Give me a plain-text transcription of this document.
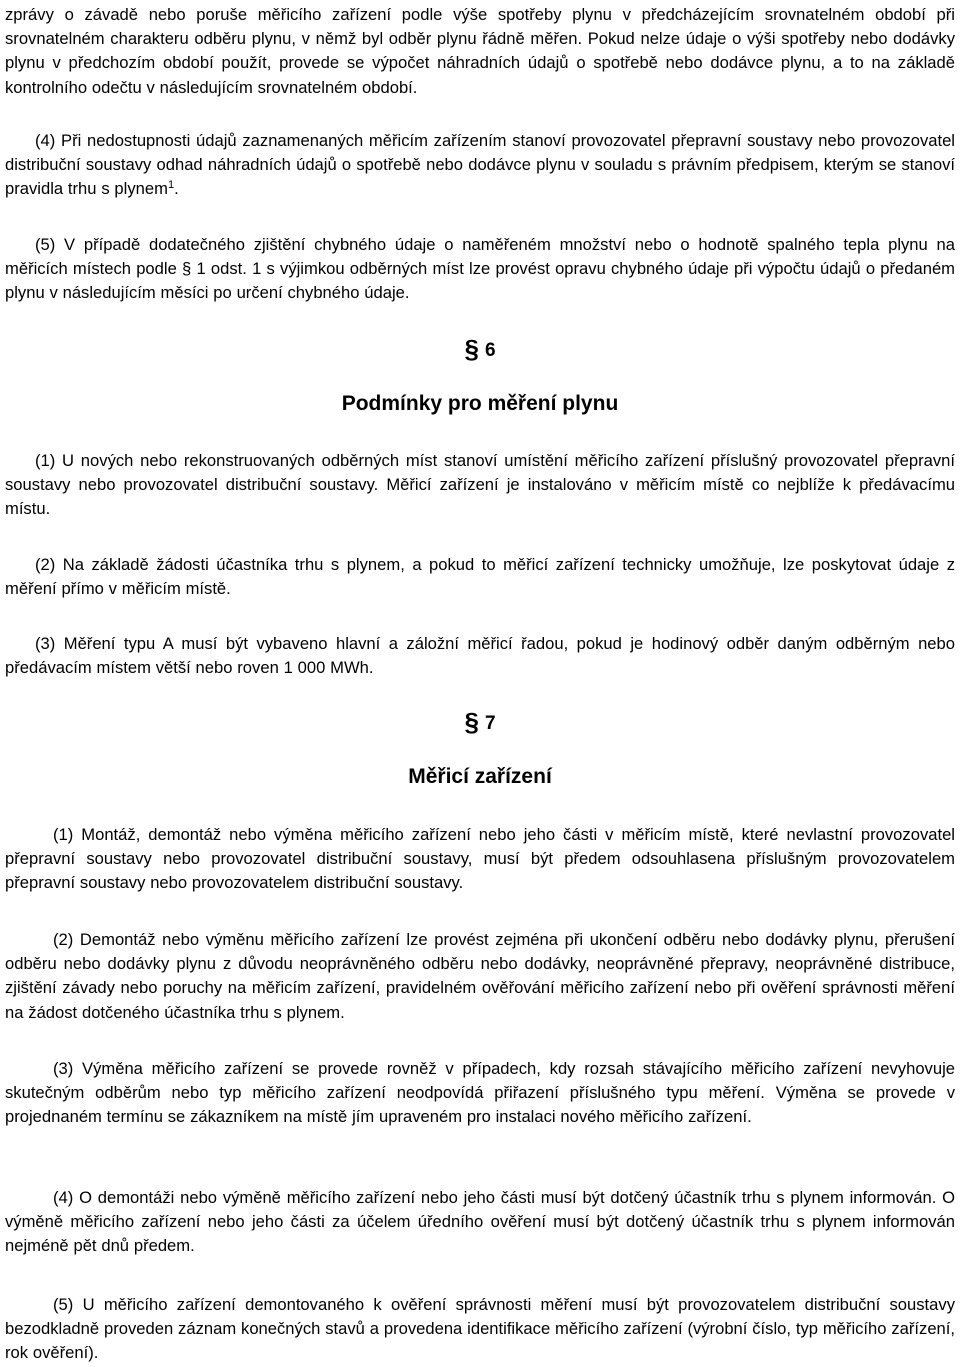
zprávy o závadě nebo poruše měřicího zařízení podle výše spotřeby plynu v předcházejícím srovnatelném období při srovnatelném charakteru odběru plynu, v němž byl odběr plynu řádně měřen. Pokud nelze údaje o výši spotřeby nebo dodávky plynu v předchozím období použít, provede se výpočet náhradních údajů o spotřebě nebo dodávce plynu, a to na základě kontrolního odečtu v následujícím srovnatelném období.

(4) Při nedostupnosti údajů zaznamenaných měřicím zařízením stanoví provozovatel přepravní soustavy nebo provozovatel distribuční soustavy odhad náhradních údajů o spotřebě nebo dodávce plynu v souladu s právním předpisem, kterým se stanoví pravidla trhu s plynem$^1$.

(5) V případě dodatečného zjištění chybného údaje o naměřeném množství nebo o hodnotě spalného tepla plynu na měřicích místech podle § 1 odst. 1 s výjimkou odběrných míst lze provést opravu chybného údaje při výpočtu údajů o předaném plynu v následujícím měsíci po určení chybného údaje.

§ 6
Podmínky pro měření plynu

(1) U nových nebo rekonstruovaných odběrných míst stanoví umístění měřicího zařízení příslušný provozovatel přepravní soustavy nebo provozovatel distribuční soustavy. Měřicí zařízení je instalováno v měřicím místě co nejblíže k předávacímu místu.

(2) Na základě žádosti účastníka trhu s plynem, a pokud to měřicí zařízení technicky umožňuje, lze poskytovat údaje z měření přímo v měřicím místě.

(3) Měření typu A musí být vybaveno hlavní a záložní měřicí řadou, pokud je hodinový odběr daným odběrným nebo předávacím místem větší nebo roven 1 000 MWh.

§ 7
Měřicí zařízení

(1) Montáž, demontáž nebo výměna měřicího zařízení nebo jeho části v měřicím místě, které nevlastní provozovatel přepravní soustavy nebo provozovatel distribuční soustavy, musí být předem odsouhlasena příslušným provozovatelem přepravní soustavy nebo provozovatelem distribuční soustavy.

(2) Demontáž nebo výměnu měřicího zařízení lze provést zejména při ukončení odběru nebo dodávky plynu, přerušení odběru nebo dodávky plynu z důvodu neoprávněného odběru nebo dodávky, neoprávněné přepravy, neoprávněné distribuce, zjištění závady nebo poruchy na měřicím zařízení, pravidelném ověřování měřicího zařízení nebo při ověření správnosti měření na žádost dotčeného účastníka trhu s plynem.

(3) Výměna měřicího zařízení se provede rovněž v případech, kdy rozsah stávajícího měřicího zařízení nevyhovuje skutečným odběrům nebo typ měřicího zařízení neodpovídá přiřazení příslušného typu měření. Výměna se provede v projednaném termínu se zákazníkem na místě jím upraveném pro instalaci nového měřicího zařízení.

(4) O demontáži nebo výměně měřicího zařízení nebo jeho části musí být dotčený účastník trhu s plynem informován. O výměně měřicího zařízení nebo jeho části za účelem úředního ověření musí být dotčený účastník trhu s plynem informován nejméně pět dnů předem.

(5) U měřicího zařízení demontovaného k ověření správnosti měření musí být provozovatelem distribuční soustavy bezodkladně proveden záznam konečných stavů a provedena identifikace měřicího zařízení (výrobní číslo, typ měřicího zařízení, rok ověření).
